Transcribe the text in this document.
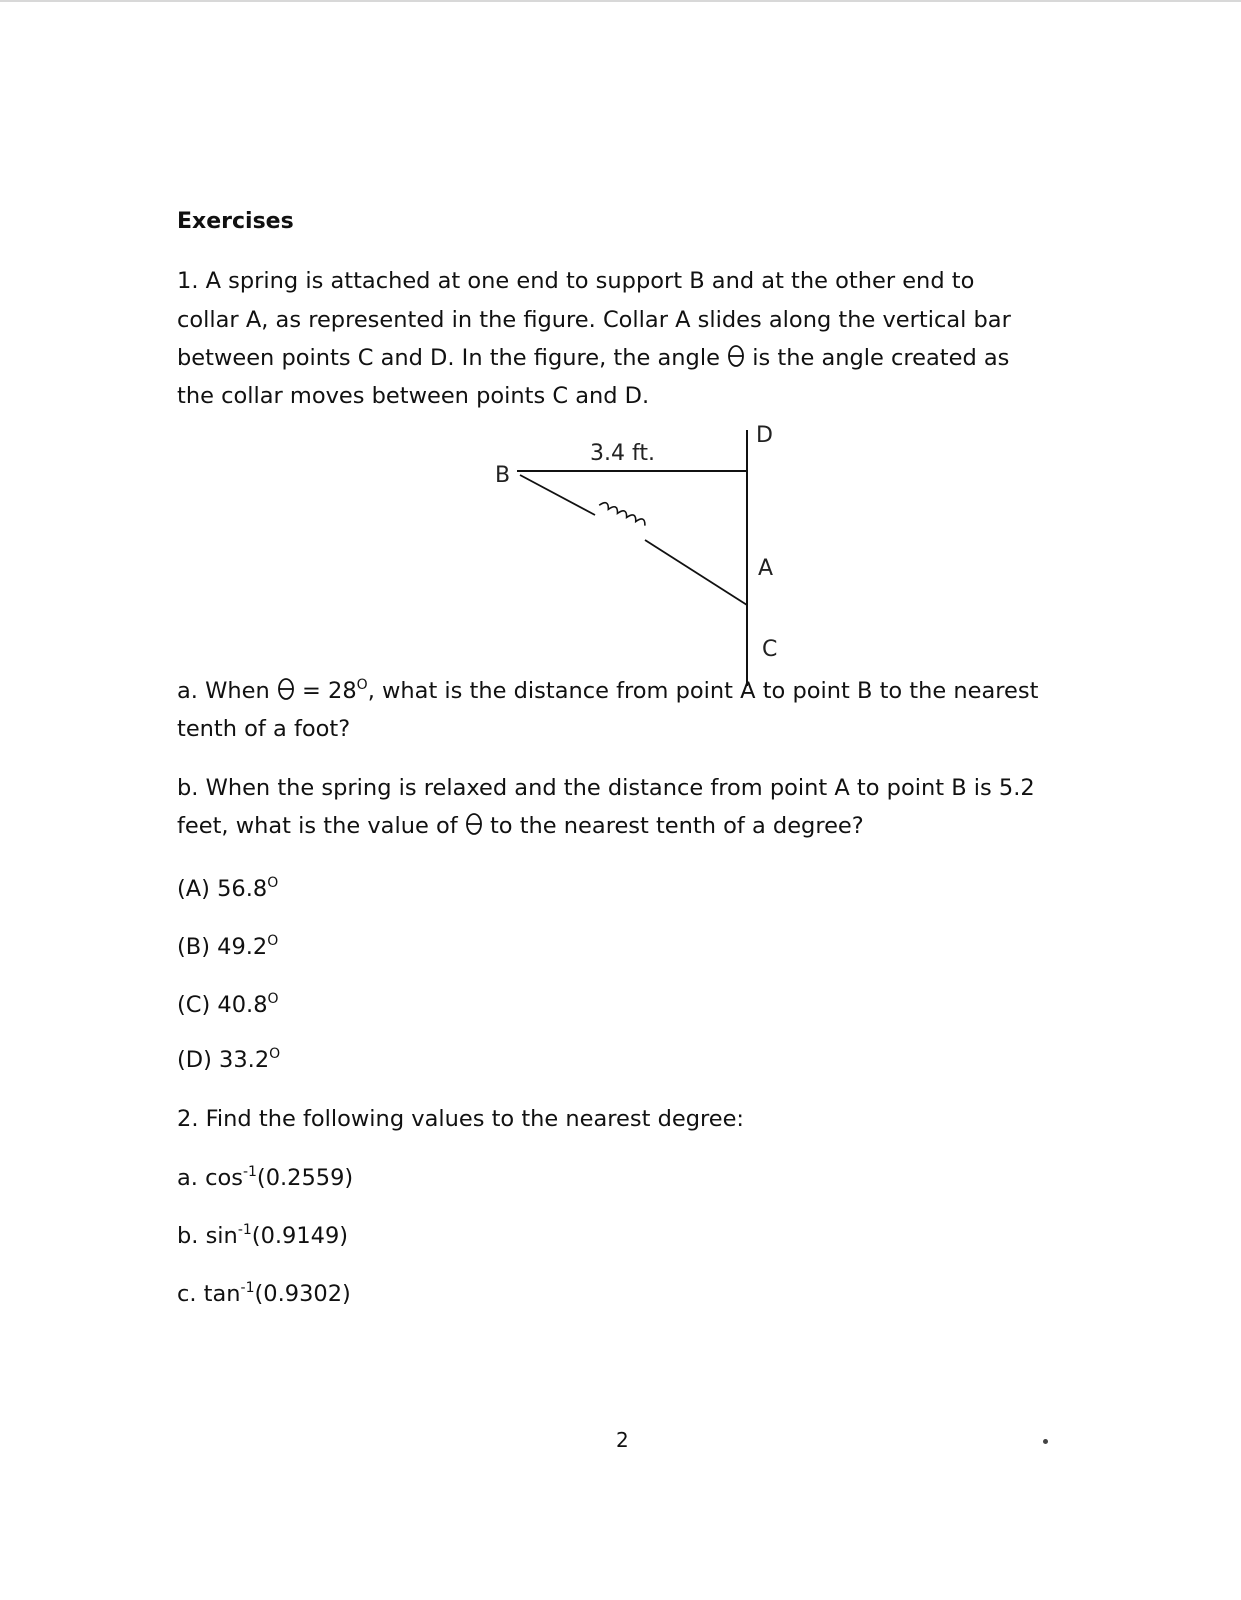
Exercises
1. A spring is attached at one end to support B and at the other end to
collar A, as represented in the figure. Collar A slides along the vertical bar
between points C and D. In the figure, the angle is the angle created as
the collar moves between points C and D.
3.4 ft.
B
D
A
C
a. When = $28^O$, what is the distance from point A to point B to the nearest
tenth of a foot?
b. When the spring is relaxed and the distance from point A to point B is 5.2
feet, what is the value of to the nearest tenth of a degree?
(A) $56.8^O$
(B) $49.2^O$
(C) $40.8^O$
(D) $33.2^O$
2. Find the following values to the nearest degree:
a. $\cos^{-1}(0.2559)$
b. $\sin^{-1}(0.9149)$
c. $\tan^{-1}(0.9302)$
2
